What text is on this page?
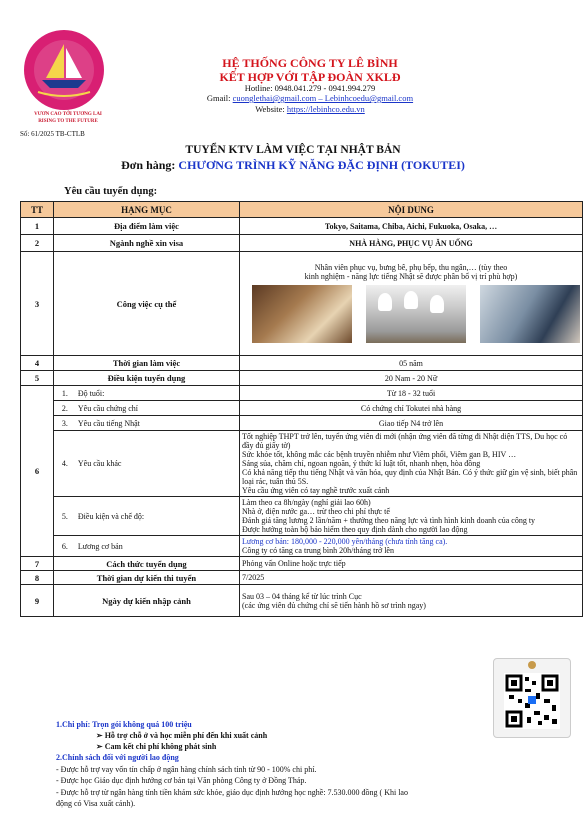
VƯƠN CAO TỚI TƯƠNG LAI
RISING TO THE FUTURE
Số: 61/2025 TB-CTLB
HỆ THỐNG CÔNG TY LÊ BÌNH
KẾT HỢP VỚI TẬP ĐOÀN XKLĐ
Hotline: 0948.041.279 - 0941.994.279
Gmail: cuonglethai@gmail.com – Lebinhcoedu@gmail.com
Website: https://lebinhco.edu.vn
TUYỂN KTV LÀM VIỆC TẠI NHẬT BẢN
Đơn hàng: CHƯƠNG TRÌNH KỸ NĂNG ĐẶC ĐỊNH (TOKUTEI)
Yêu cầu tuyển dụng:
TT	HẠNG MỤC	NỘI DUNG
1	Địa điểm làm việc	Tokyo, Saitama, Chiba, Aichi, Fukuoka, Osaka, …
2	Ngành nghề xin visa	NHÀ HÀNG, PHỤC VỤ ĂN UỐNG
3	Công việc cụ thể	Nhân viên phục vụ, bưng bê, phụ bếp, thu ngân,… (tùy theo
kinh nghiệm - năng lực tiếng Nhật sẽ được phân bổ vị trí phù hợp)

4	Thời gian làm việc	05 năm
5	Điều kiện tuyển dụng	20 Nam - 20 Nữ
6	1. Độ tuổi:	Từ 18 - 32 tuổi
	2. Yêu cầu chứng chỉ	Có chứng chỉ Tokutei nhà hàng
	3. Yêu cầu tiếng Nhật	Giao tiếp N4 trở lên
	4. Yêu cầu khác	Tốt nghiệp THPT trở lên, tuyển ứng viên đi mới (nhận ứng viên đã từng đi Nhật diện TTS, Du học có đầy đủ giấy tờ)
Sức khỏe tốt, không mắc các bệnh truyền nhiễm như Viêm phổi, Viêm gan B, HIV …
Sáng sủa, chăm chỉ, ngoan ngoãn, ý thức kỉ luật tốt, nhanh nhẹn, hòa đồng
Có khả năng tiếp thu tiếng Nhật và văn hóa, quy định của Nhật Bản. Có ý thức giữ gìn vệ sinh, biết phân loại rác, tuân thủ 5S.
Yêu cầu ứng viên có tay nghề trước xuất cảnh

	5. Điều kiện và chế độ:	Làm theo ca 8h/ngày (nghỉ giải lao 60h)
Nhà ở, điện nước ga… trừ theo chi phí thực tế
Đánh giá tăng lương 2 lần/năm + thưởng theo năng lực và tình hình kinh doanh của công ty
Được hưởng toàn bộ bảo hiểm theo quy định dành cho người lao động

	6. Lương cơ bản	Lương cơ bản: 180,000 - 220,000 yên/tháng (chưa tính tăng ca).
Công ty có tăng ca trung bình 20h/tháng trở lên

7	Cách thức tuyển dụng	Phỏng vấn Online hoặc trực tiếp
8	Thời gian dự kiến thi tuyển	7/2025
9	Ngày dự kiến nhập cảnh	Sau 03 – 04 tháng kể từ lúc trình Cục
(các ứng viên đủ chứng chỉ sẽ tiến hành hồ sơ trình ngay)
1.Chi phí: Trọn gói không quá 100 triệu
➢ Hỗ trợ chỗ ở và học miễn phí đến khi xuất cảnh
➢ Cam kết chi phí không phát sinh
2.Chính sách đối với người lao động
- Được hỗ trợ vay vốn tín chấp ở ngân hàng chính sách tỉnh từ 90 - 100% chi phí.
- Được học Giáo dục định hướng cơ bản tại Văn phòng Công ty ở Đồng Tháp.
- Được hỗ trợ từ ngân hàng tính tiền khám sức khỏe, giáo dục định hướng học nghề: 7.530.000 đồng ( Khi lao
động có Visa xuất cảnh).
